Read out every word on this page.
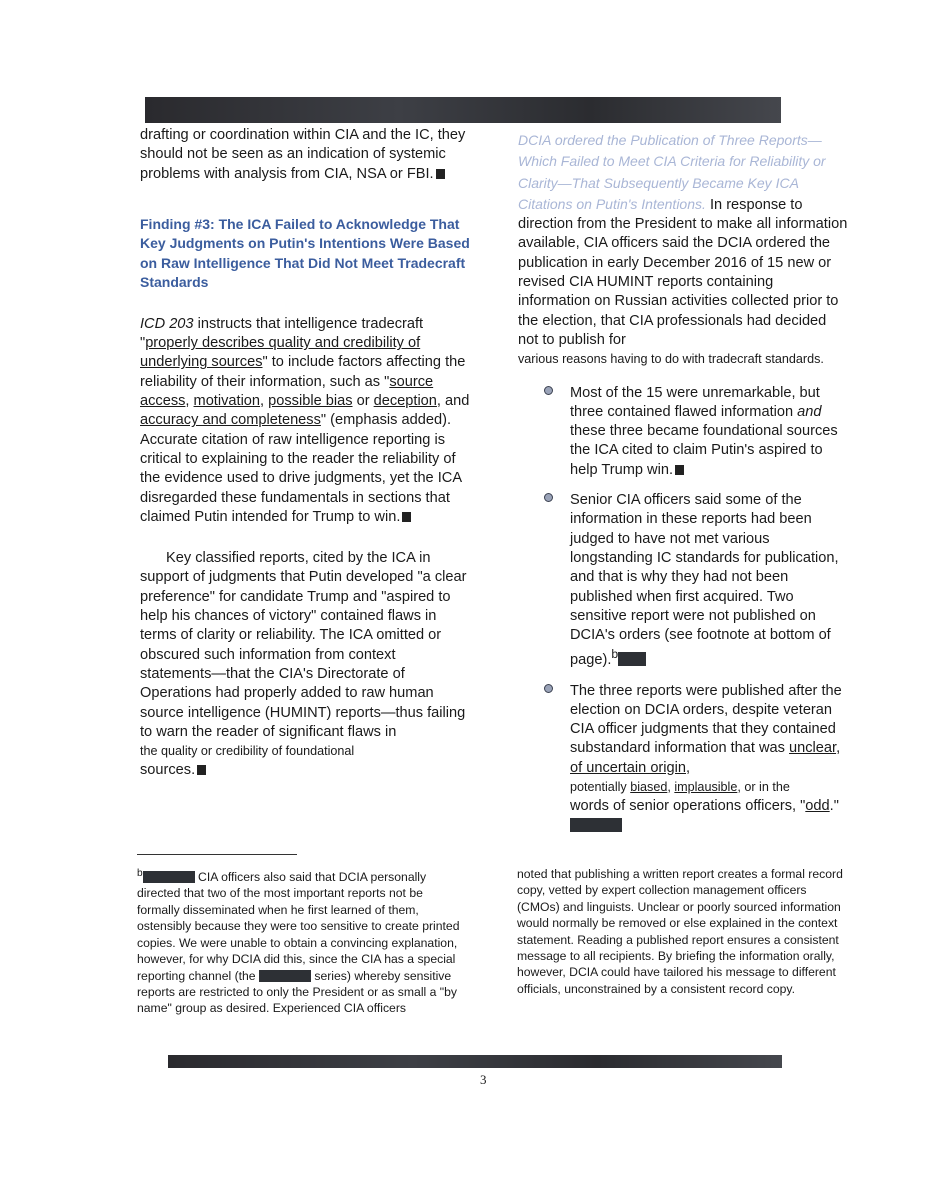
drafting or coordination within CIA and the IC, they should not be seen as an indication of systemic problems with analysis from CIA, NSA or FBI.

Finding #3: The ICA Failed to Acknowledge That Key Judgments on Putin's Intentions Were Based on Raw Intelligence That Did Not Meet Tradecraft Standards

ICD 203 instructs that intelligence tradecraft "properly describes quality and credibility of underlying sources" to include factors affecting the reliability of their information, such as "source access, motivation, possible bias or deception, and accuracy and completeness" (emphasis added). Accurate citation of raw intelligence reporting is critical to explaining to the reader the reliability of the evidence used to drive judgments, yet the ICA disregarded these fundamentals in sections that claimed Putin intended for Trump to win.

Key classified reports, cited by the ICA in support of judgments that Putin developed "a clear preference" for candidate Trump and "aspired to help his chances of victory" contained flaws in terms of clarity or reliability. The ICA omitted or obscured such information from context statements—that the CIA's Directorate of Operations had properly added to raw human source intelligence (HUMINT) reports—thus failing to warn the reader of significant flaws in
the quality or credibility of foundational
sources.

DCIA ordered the Publication of Three Reports—Which Failed to Meet CIA Criteria for Reliability or Clarity—That Subsequently Became Key ICA Citations on Putin's Intentions. In response to direction from the President to make all information available, CIA officers said the DCIA ordered the publication in early December 2016 of 15 new or revised CIA HUMINT reports containing information on Russian activities collected prior to the election, that CIA professionals had decided not to publish for
various reasons having to do with tradecraft standards.

Most of the 15 were unremarkable, but three contained flawed information and these three became foundational sources the ICA cited to claim Putin's aspired to help Trump win.
Senior CIA officers said some of the information in these reports had been judged to have not met various longstanding IC standards for publication, and that is why they had not been published when first acquired. Two sensitive report were not published on DCIA's orders (see footnote at bottom of page).$^b$
The three reports were published after the election on DCIA orders, despite veteran CIA officer judgments that they contained substandard information that was unclear, of uncertain origin,
potentially biased, implausible, or in the
words of senior operations officers, "odd."
$^b$	CIA officers also said that DCIA personally directed that two of the most important reports not be formally disseminated when he first learned of them, ostensibly because they were too sensitive to create printed copies. We were unable to obtain a convincing explanation, however, for why DCIA did this, since the CIA has a special reporting channel (the	series) whereby sensitive reports are restricted to only the President or as small a "by name" group as desired. Experienced CIA officers
noted that publishing a written report creates a formal record copy, vetted by expert collection management officers (CMOs) and linguists. Unclear or poorly sourced information would normally be removed or else explained in the context statement. Reading a published report ensures a consistent message to all recipients. By briefing the information orally, however, DCIA could have tailored his message to different officials, unconstrained by a consistent record copy.
3
